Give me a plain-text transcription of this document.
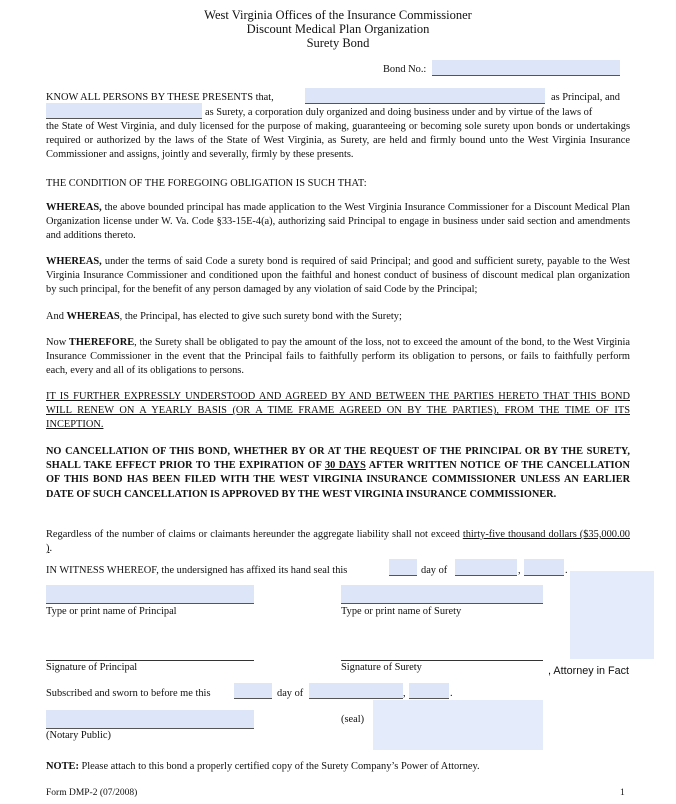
West Virginia Offices of the Insurance Commissioner
Discount Medical Plan Organization
Surety Bond
Bond No.:
KNOW ALL PERSONS BY THESE PRESENTS that,	as Principal, and
as Surety, a corporation duly organized and doing business under and by virtue of the laws of
the State of West Virginia, and duly licensed for the purpose of making, guaranteeing or becoming sole surety upon bonds or undertakings required or authorized by the laws of the State of West Virginia, as Surety, are held and firmly bound unto the West Virginia Insurance Commissioner and assigns, jointly and severally, firmly by these presents.
THE CONDITION OF THE FOREGOING OBLIGATION IS SUCH THAT:
WHEREAS, the above bounded principal has made application to the West Virginia Insurance Commissioner for a Discount Medical Plan Organization license under W. Va. Code §33-15E-4(a), authorizing said Principal to engage in business under said section and amendments and additions thereto.
WHEREAS, under the terms of said Code a surety bond is required of said Principal; and good and sufficient surety, payable to the West Virginia Insurance Commissioner and conditioned upon the faithful and honest conduct of business of discount medical plan organization by such principal, for the benefit of any person damaged by any violation of said Code by the Principal;
And WHEREAS, the Principal, has elected to give such surety bond with the Surety;
Now THEREFORE, the Surety shall be obligated to pay the amount of the loss, not to exceed the amount of the bond, to the West Virginia Insurance Commissioner in the event that the Principal fails to faithfully perform its obligation to persons, or fails to faithfully perform each, every and all of its obligations to persons.
IT IS FURTHER EXPRESSLY UNDERSTOOD AND AGREED BY AND BETWEEN THE PARTIES HERETO THAT THIS BOND WILL RENEW ON A YEARLY BASIS (OR A TIME FRAME AGREED ON BY THE PARTIES), FROM THE TIME OF ITS INCEPTION.
NO CANCELLATION OF THIS BOND, WHETHER BY OR AT THE REQUEST OF THE PRINCIPAL OR BY THE SURETY, SHALL TAKE EFFECT PRIOR TO THE EXPIRATION OF 30 DAYS AFTER WRITTEN NOTICE OF THE CANCELLATION OF THIS BOND HAS BEEN FILED WITH THE WEST VIRGINIA INSURANCE COMMISSIONER UNLESS AN EARLIER DATE OF SUCH CANCELLATION IS APPROVED BY THE WEST VIRGINIA INSURANCE COMMISSIONER.
Regardless of the number of claims or claimants hereunder the aggregate liability shall not exceed thirty-five thousand dollars ($35,000.00 ).
IN WITNESS WHEREOF, the undersigned has affixed its hand seal this	day of	,	.
Type or print name of Principal	Type or print name of Surety
Signature of Principal	Signature of Surety	, Attorney in Fact
Subscribed and sworn to before me this	day of	,	.
(Notary Public)
(seal)
NOTE: Please attach to this bond a properly certified copy of the Surety Company’s Power of Attorney.
Form DMP-2 (07/2008)	1
